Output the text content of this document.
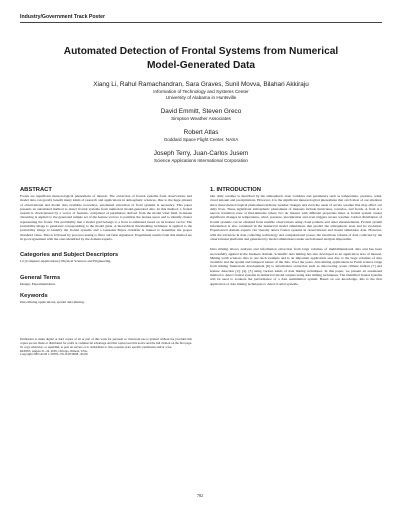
Industry/Government Track Poster
Automated Detection of Frontal Systems from Numerical
Model-Generated Data
Xiang Li, Rahul Ramachandran, Sara Graves, Sunil Movva, Bilahari Akkiraju
Information of Technology and Systems Center
University of Alabama in Huntsville
David Emmitt, Steven Greco
Simpson Weather Associates
Robert Atlas
Goddard Space Flight Center, NASA
Joseph Terry, Juan-Carlos Jusem
Science Applications International Corporation
ABSTRACT

Fronts are significant meteorological phenomena of interest. The extraction of frontal systems from observations and model data can greatly benefit many kinds of research and applications in atmospheric sciences. Due to the huge amount of observational and model data available nowadays, automated extraction of front systems is necessary. This paper presents an automated method to detect frontal systems from numerical model-generated data. In this method, a frontal system is characterized by a vector of features, comprised of parameters derived from the model wind field. K-means clustering is applied to the generated sample set of the feature vectors to partition the feature space and to identify cluster representing the fronts. The probability that a model grid belongs to a front is estimated based on its feature vector. The probability image is generated corresponding to the model grids. A hierarchical thresholding technique is applied to the probability image to identify the frontal systems and a Gaussian Bayes classifier is trained to determine the proper threshold value. This is followed by post processing to filter out false signatures. Experiment results from this method are in good agreement with the ones identified by the domain experts.

Categories and Subject Descriptors

I.2 [Computer Applications]: Physical Sciences and Engineering.

General Terms

Design, Experimentation.

Keywords

Data mining applications, spatial data mining.

Permission to make digital or hard copies of all or part of this work for personal or classroom use is granted without fee provided that copies are not made or distributed for profit or commercial advantage and that copies bear this notice and the full citation on the first page. To copy otherwise, or republish, to post on servers or to redistribute to lists, requires prior specific permission and/or a fee.

KDD'05, August 21–24, 2005, Chicago, Illinois, USA.

Copyright 2005 ACM 1-59593-135-X/05/0008...$5.00.

1. INTRODUCTION

Our daily weather is described by the atmospheric state variables and parameters such as temperature, pressure, wind, cloud amount and precipitations. However, it is the significant meteorological phenomena that catch most of our attention since these meteorological phenomena indicate weather changes and even the onset of severe weather that may affect our daily lives. These significant atmospheric phenomena of interests include hurricanes, tornados, and fronts. A front is a narrow transition zone at mid-latitudes where two air masses with different properties meet. A frontal system causes significant changes in temperature, wind, pressure, precipitation and even triggers severe weather. Global distribution of frontal systems can be obtained from satellite observations using cloud patterns and other measurements. Frontal system information is also contained in the numerical model simulations that predict the atmospheric state and its evolution. Experienced domain experts can visually detect frontal systems in observational and model simulation data. However, with the advances in data collecting technology and computational power, the enormous volume of data collected by the observational platforms and generated by model simulations render such manual analysis impossible.

Data mining allows analysis and information extraction from large volumes of multidimensional data and has been successfully applied in the business domain. Scientific data mining has also developed as an application area of interest. Mining earth sciences data is one such example and is an important application area due to the large volumes of data available and the spatial and temporal nature of the data. Over the years, data mining applications in Earth science range from mining framework development [6] to information extraction such as discovering ocean climate indices [7] and feature detection [2], [4], [5] using various kinds of data mining techniques. In this paper, we present an automated method to detect frontal systems in numerical model outputs using data mining techniques. The identified frontal systems will be used to evaluate the performance of a data assimilation system. Based on our knowledge, this is the first application of data mining techniques to detect frontal systems.

782
